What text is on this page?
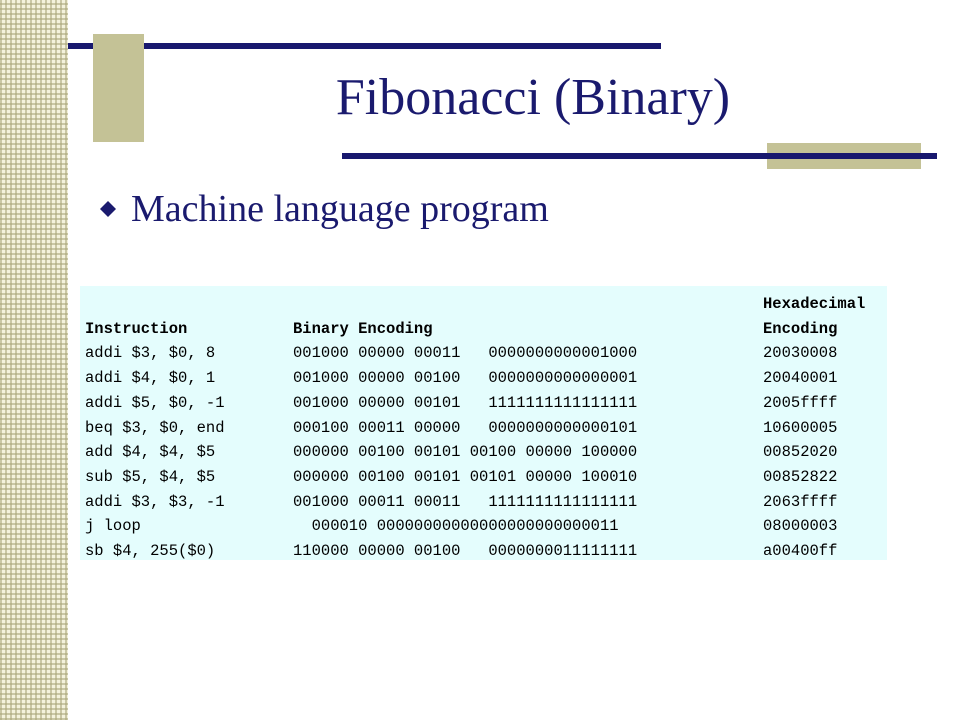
Fibonacci (Binary)
Machine language program
		Hexadecimal
Instruction	Binary Encoding	Encoding
addi $3, $0, 8	001000 00000 00011   0000000000001000	20030008
addi $4, $0, 1	001000 00000 00100   0000000000000001	20040001
addi $5, $0, -1	001000 00000 00101   1111111111111111	2005ffff
beq $3, $0, end	000100 00011 00000   0000000000000101	10600005
add $4, $4, $5	000000 00100 00101 00100 00000 100000	00852020
sub $5, $4, $5	000000 00100 00101 00101 00000 100010	00852822
addi $3, $3, -1	001000 00011 00011   1111111111111111	2063ffff
j loop	000010 00000000000000000000000011	08000003
sb $4, 255($0)	110000 00000 00100   0000000011111111	a00400ff
